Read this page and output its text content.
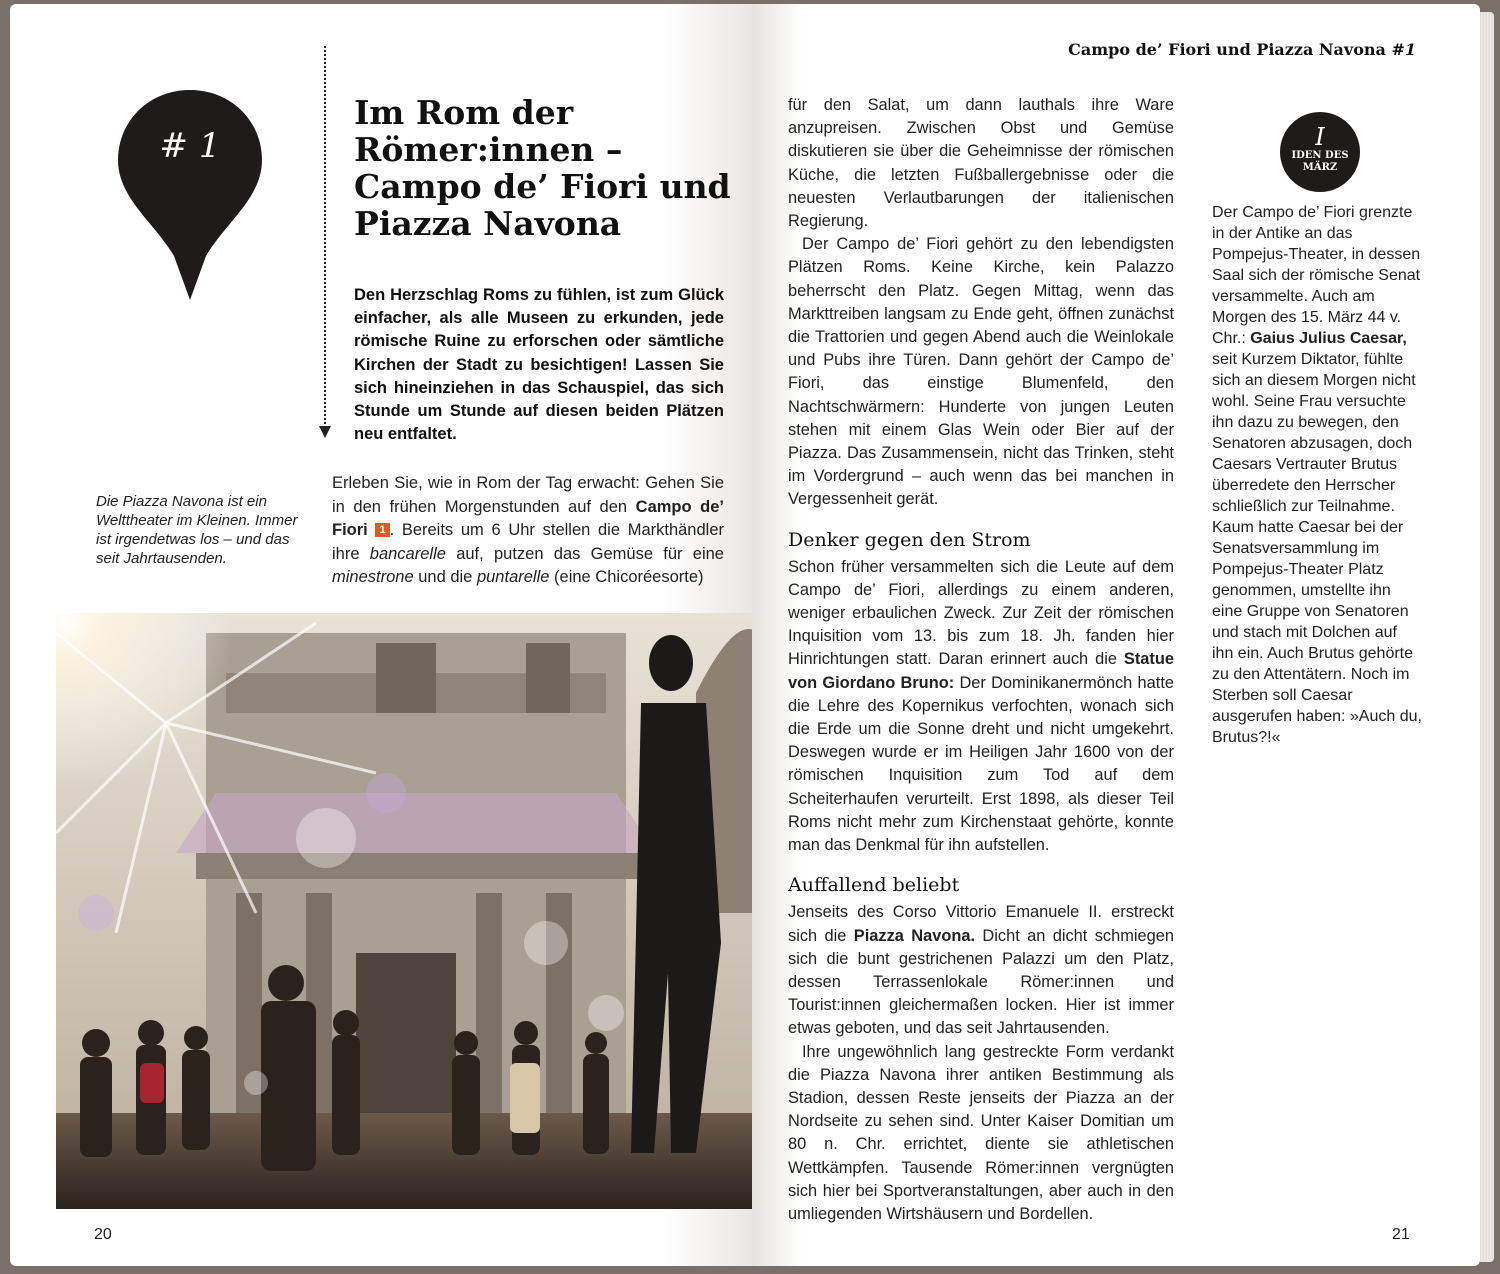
# 1
Im Rom der Römer:innen – Campo de’ Fiori und Piazza Navona

Den Herzschlag Roms zu fühlen, ist zum Glück einfacher, als alle Museen zu erkunden, jede römische Ruine zu erforschen oder sämtliche Kirchen der Stadt zu besichtigen! Lassen Sie sich hineinziehen in das Schauspiel, das sich Stunde um Stunde auf diesen beiden Plätzen neu entfaltet.

Die Piazza Navona ist ein Welttheater im Kleinen. Immer ist irgendetwas los – und das seit Jahrtausenden.

Erleben Sie, wie in Rom der Tag erwacht: Gehen Sie in den frühen Morgenstunden auf den Campo de’ Fiori 1 . Bereits um 6 Uhr stellen die Markthändler ihre bancarelle auf, putzen das Gemüse für eine minestrone und die puntarelle (eine Chicoréesorte)

20
Campo de’ Fiori und Piazza Navona #1

für den Salat, um dann lauthals ihre Ware anzupreisen. Zwischen Obst und Gemüse diskutieren sie über die Geheimnisse der römischen Küche, die letzten Fußballergebnisse oder die neuesten Verlautbarungen der italienischen Regierung.

Der Campo de’ Fiori gehört zu den lebendigsten Plätzen Roms. Keine Kirche, kein Palazzo beherrscht den Platz. Gegen Mittag, wenn das Markttreiben langsam zu Ende geht, öffnen zunächst die Trattorien und gegen Abend auch die Weinlokale und Pubs ihre Türen. Dann gehört der Campo de’ Fiori, das einstige Blumenfeld, den Nachtschwärmern: Hunderte von jungen Leuten stehen mit einem Glas Wein oder Bier auf der Piazza. Das Zusammensein, nicht das Trinken, steht im Vordergrund – auch wenn das bei manchen in Vergessenheit gerät.

Denker gegen den Strom

Schon früher versammelten sich die Leute auf dem Campo de’ Fiori, allerdings zu einem anderen, weniger erbaulichen Zweck. Zur Zeit der römischen Inquisition vom 13. bis zum 18. Jh. fanden hier Hinrichtungen statt. Daran erinnert auch die Statue von Giordano Bruno: Der Dominikanermönch hatte die Lehre des Kopernikus verfochten, wonach sich die Erde um die Sonne dreht und nicht umgekehrt. Deswegen wurde er im Heiligen Jahr 1600 von der römischen Inquisition zum Tod auf dem Scheiterhaufen verurteilt. Erst 1898, als dieser Teil Roms nicht mehr zum Kirchenstaat gehörte, konnte man das Denkmal für ihn aufstellen.

Auffallend beliebt

Jenseits des Corso Vittorio Emanuele II. erstreckt sich die Piazza Navona. Dicht an dicht schmiegen sich die bunt gestrichenen Palazzi um den Platz, dessen Terrassenlokale Römer:innen und Tourist:innen gleichermaßen locken. Hier ist immer etwas geboten, und das seit Jahrtausenden.

Ihre ungewöhnlich lang gestreckte Form verdankt die Piazza Navona ihrer antiken Bestimmung als Stadion, dessen Reste jenseits der Piazza an der Nordseite zu sehen sind. Unter Kaiser Domitian um 80 n. Chr. errichtet, diente sie athletischen Wettkämpfen. Tausende Römer:innen vergnügten sich hier bei Sportveranstaltungen, aber auch in den umliegenden Wirtshäusern und Bordellen.

I
IDEN DES MÄRZ

Der Campo de’ Fiori grenzte in der Antike an das Pompejus-Theater, in dessen Saal sich der römische Senat versammelte. Auch am Morgen des 15. März 44 v. Chr.: Gaius Julius Caesar, seit Kurzem Diktator, fühlte sich an diesem Morgen nicht wohl. Seine Frau versuchte ihn dazu zu bewegen, den Senatoren abzusagen, doch Caesars Vertrauter Brutus überredete den Herrscher schließlich zur Teilnahme. Kaum hatte Caesar bei der Senatsversammlung im Pompejus-Theater Platz genommen, umstellte ihn eine Gruppe von Senatoren und stach mit Dolchen auf ihn ein. Auch Brutus gehörte zu den Attentätern. Noch im Sterben soll Caesar ausgerufen haben: »Auch du, Brutus?!«

21
